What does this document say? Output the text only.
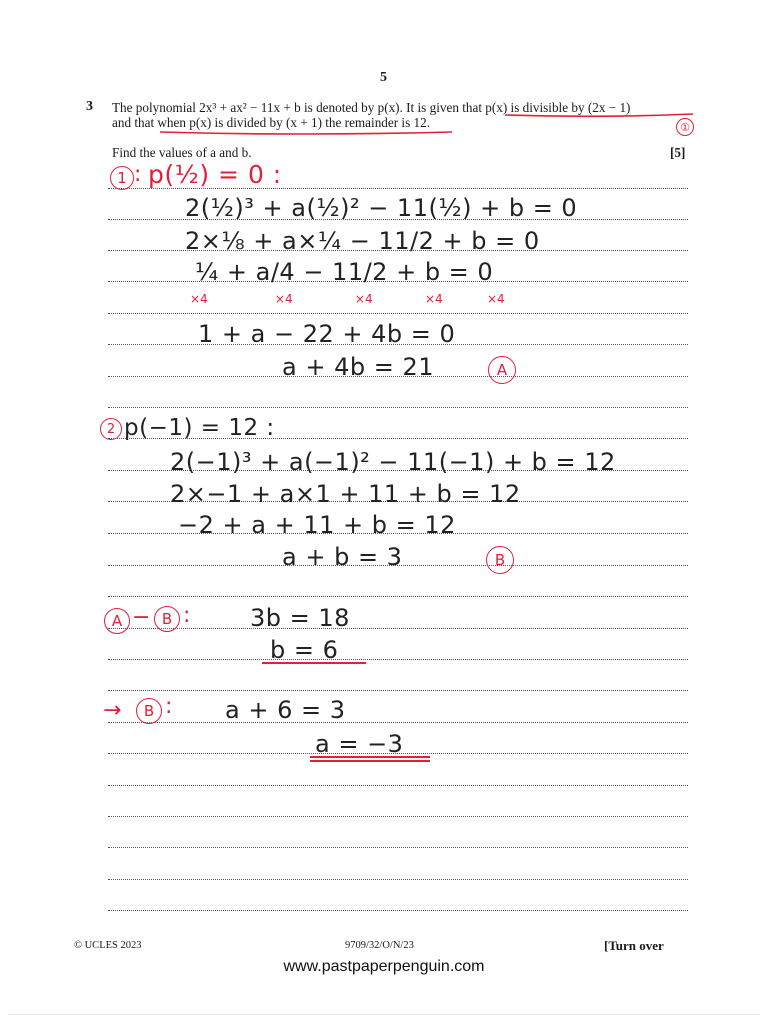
5
3 The polynomial 2x³ + ax² − 11x + b is denoted by p(x). It is given that p(x) is divisible by (2x − 1)
and that when p(x) is divided by (x + 1) the remainder is 12.	①
Find the values of a and b.	[5]
1 : p(½) = 0 :
2(½)³ + a(½)² − 11(½) + b = 0
2×⅛ + a×¼ − 11/2 + b = 0
¼ + a/4 − 11/2 + b = 0
×4	×4	×4	×4	×4
1 + a − 22 + 4b = 0
a + 4b = 21	A
2 p(−1) = 12 :
2(−1)³ + a(−1)² − 11(−1) + b = 12
2×−1 + a×1 + 11 + b = 12
−2 + a + 11 + b = 12
a + b = 3	B
A − B : 3b = 18
b = 6
→	B : a + 6 = 3
a = −3
© UCLES 2023	9709/32/O/N/23	[Turn over
www.pastpaperpenguin.com
